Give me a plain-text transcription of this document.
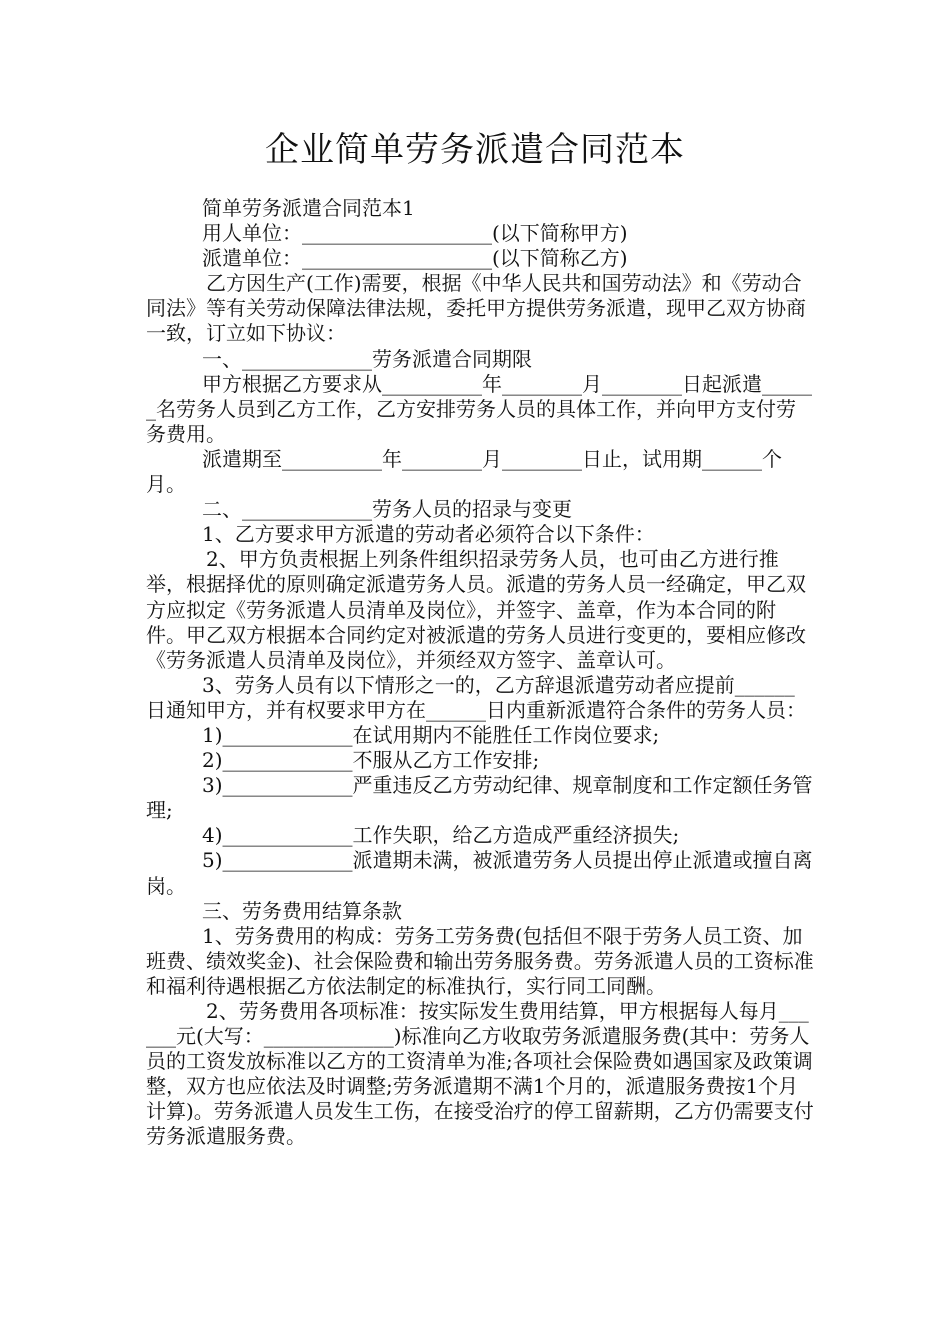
企业简单劳务派遣合同范本

简单劳务派遣合同范本1

用人单位：___________________(以下简称甲方)

派遣单位：___________________(以下简称乙方)

乙方因生产(工作)需要，根据《中华人民共和国劳动法》和《劳动合同法》等有关劳动保障法律法规，委托甲方提供劳务派遣，现甲乙双方协商一致，订立如下协议：

一、_____________劳务派遣合同期限

甲方根据乙方要求从__________年________月________日起派遣______名劳务人员到乙方工作，乙方安排劳务人员的具体工作，并向甲方支付劳务费用。

派遣期至__________年________月________日止，试用期______个月。

二、_____________劳务人员的招录与变更

1、乙方要求甲方派遣的劳动者必须符合以下条件：

2、甲方负责根据上列条件组织招录劳务人员，也可由乙方进行推举，根据择优的原则确定派遣劳务人员。派遣的劳务人员一经确定，甲乙双方应拟定《劳务派遣人员清单及岗位》，并签字、盖章，作为本合同的附件。甲乙双方根据本合同约定对被派遣的劳务人员进行变更的，要相应修改《劳务派遣人员清单及岗位》，并须经双方签字、盖章认可。

3、劳务人员有以下情形之一的，乙方辞退派遣劳动者应提前______日通知甲方，并有权要求甲方在______日内重新派遣符合条件的劳务人员：

1)_____________在试用期内不能胜任工作岗位要求;

2)_____________不服从乙方工作安排;

3)_____________严重违反乙方劳动纪律、规章制度和工作定额任务管理;

4)_____________工作失职，给乙方造成严重经济损失;

5)_____________派遣期未满，被派遣劳务人员提出停止派遣或擅自离岗。

三、劳务费用结算条款

1、劳务费用的构成：劳务工劳务费(包括但不限于劳务人员工资、加班费、绩效奖金)、社会保险费和输出劳务服务费。劳务派遣人员的工资标准和福利待遇根据乙方依法制定的标准执行，实行同工同酬。

2、劳务费用各项标准：按实际发生费用结算，甲方根据每人每月______元(大写：_____________)标准向乙方收取劳务派遣服务费(其中：劳务人员的工资发放标准以乙方的工资清单为准;各项社会保险费如遇国家及政策调整，双方也应依法及时调整;劳务派遣期不满1个月的，派遣服务费按1个月计算)。劳务派遣人员发生工伤，在接受治疗的停工留薪期，乙方仍需要支付劳务派遣服务费。
